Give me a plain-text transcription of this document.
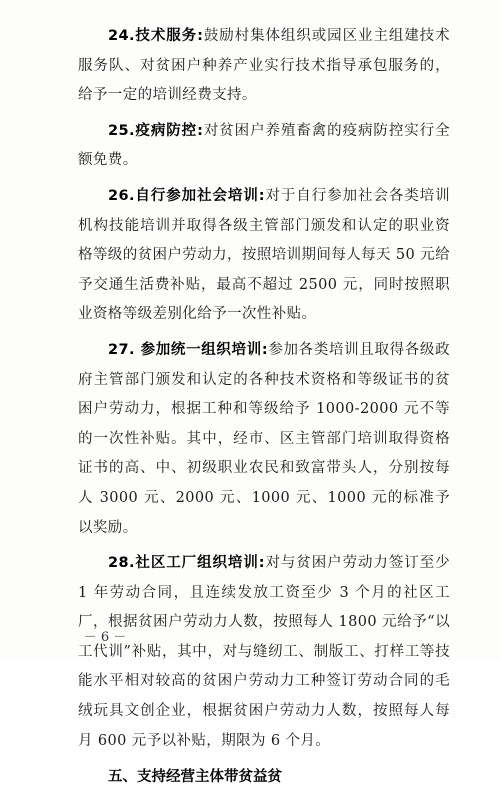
24.技术服务:鼓励村集体组织或园区业主组建技术服务队、对贫困户种养产业实行技术指导承包服务的，给予一定的培训经费支持。

25.疫病防控:对贫困户养殖畜禽的疫病防控实行全额免费。

26.自行参加社会培训:对于自行参加社会各类培训机构技能培训并取得各级主管部门颁发和认定的职业资格等级的贫困户劳动力，按照培训期间每人每天 50 元给予交通生活费补贴，最高不超过 2500 元，同时按照职业资格等级差别化给予一次性补贴。

27. 参加统一组织培训:参加各类培训且取得各级政府主管部门颁发和认定的各种技术资格和等级证书的贫困户劳动力，根据工种和等级给予 1000-2000 元不等的一次性补贴。其中，经市、区主管部门培训取得资格证书的高、中、初级职业农民和致富带头人，分别按每人 3000 元、2000 元、1000 元、1000 元的标准予以奖励。

28.社区工厂组织培训:对与贫困户劳动力签订至少 1 年劳动合同，且连续发放工资至少 3 个月的社区工厂，根据贫困户劳动力人数，按照每人 1800 元给予“以工代训”补贴，其中，对与缝纫工、制版工、打样工等技能水平相对较高的贫困户劳动力工种签订劳动合同的毛绒玩具文创企业，根据贫困户劳动力人数，按照每人每月 600 元予以补贴，期限为 6 个月。

五、支持经营主体带贫益贫

－ 6 －
